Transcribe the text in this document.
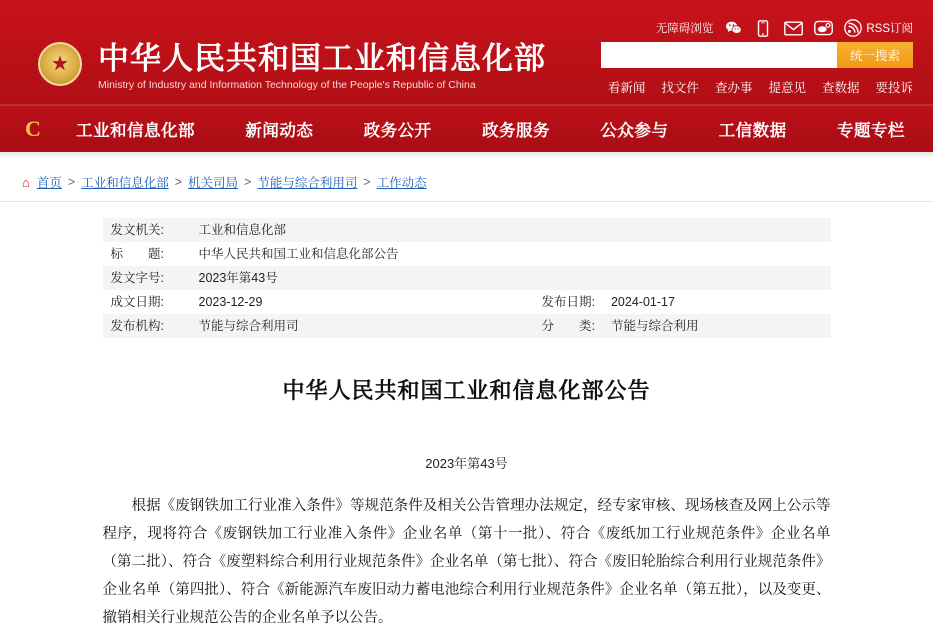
★ 中华人民共和国工业和信息化部
Ministry of Industry and Information Technology of the People's Republic of China
无障碍浏览	RSS订阅
统一搜索
看新闻 找文件 查办事 提意见 查数据 要投诉
C	工业和信息化部	新闻动态	政务公开	政务服务	公众参与	工信数据	专题专栏
⌂ 首页 > 工业和信息化部 > 机关司局 > 节能与综合利用司 > 工作动态
发文机关:	工业和信息化部		
标　　题:	中华人民共和国工业和信息化部公告		
发文字号:	2023年第43号		
成文日期:	2023-12-29	发布日期:	2024-01-17
发布机构:	节能与综合利用司	分　　类:	节能与综合利用
中华人民共和国工业和信息化部公告
2023年第43号
根据《废钢铁加工行业准入条件》等规范条件及相关公告管理办法规定，经专家审核、现场核查及网上公示等程序，现将符合《废钢铁加工行业准入条件》企业名单（第十一批）、符合《废纸加工行业规范条件》企业名单（第二批）、符合《废塑料综合利用行业规范条件》企业名单（第七批）、符合《废旧轮胎综合利用行业规范条件》企业名单（第四批）、符合《新能源汽车废旧动力蓄电池综合利用行业规范条件》企业名单（第五批），以及变更、撤销相关行业规范公告的企业名单予以公告。
